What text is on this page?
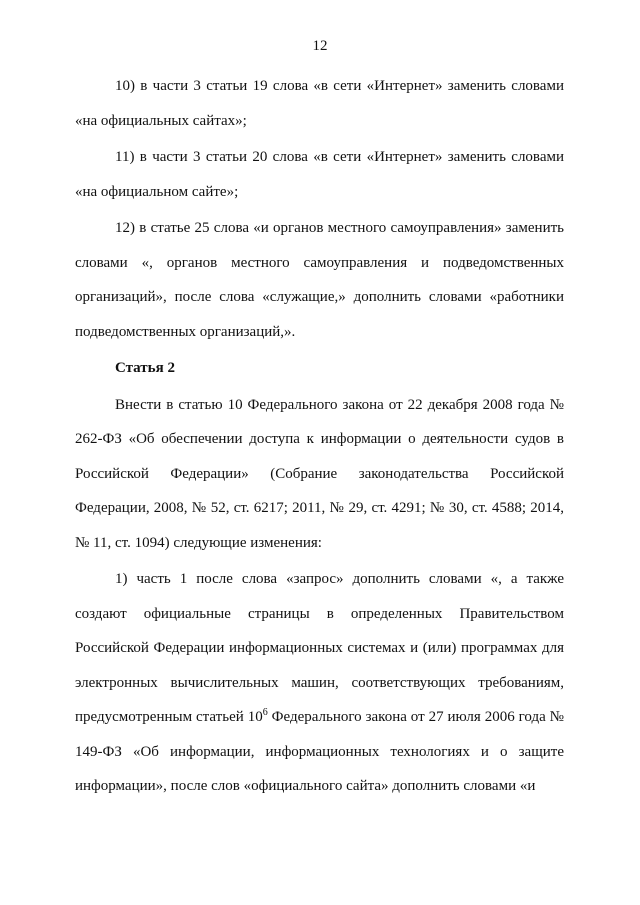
12

10) в части 3 статьи 19 слова «в сети «Интернет» заменить словами «на официальных сайтах»;

11) в части 3 статьи 20 слова «в сети «Интернет» заменить словами «на официальном сайте»;

12) в статье 25 слова «и органов местного самоуправления» заменить словами «, органов местного самоуправления и подведомственных организаций», после слова «служащие,» дополнить словами «работники подведомственных организаций,».

Статья 2

Внести в статью 10 Федерального закона от 22 декабря 2008 года № 262-ФЗ «Об обеспечении доступа к информации о деятельности судов в Российской Федерации» (Собрание законодательства Российской Федерации, 2008, № 52, ст. 6217; 2011, № 29, ст. 4291; № 30, ст. 4588; 2014, № 11, ст. 1094) следующие изменения:

1) часть 1 после слова «запрос» дополнить словами «, а также создают официальные страницы в определенных Правительством Российской Федерации информационных системах и (или) программах для электронных вычислительных машин, соответствующих требованиям, предусмотренным статьей $10^6$ Федерального закона от 27 июля 2006 года № 149-ФЗ «Об информации, информационных технологиях и о защите информации», после слов «официального сайта» дополнить словами «и
